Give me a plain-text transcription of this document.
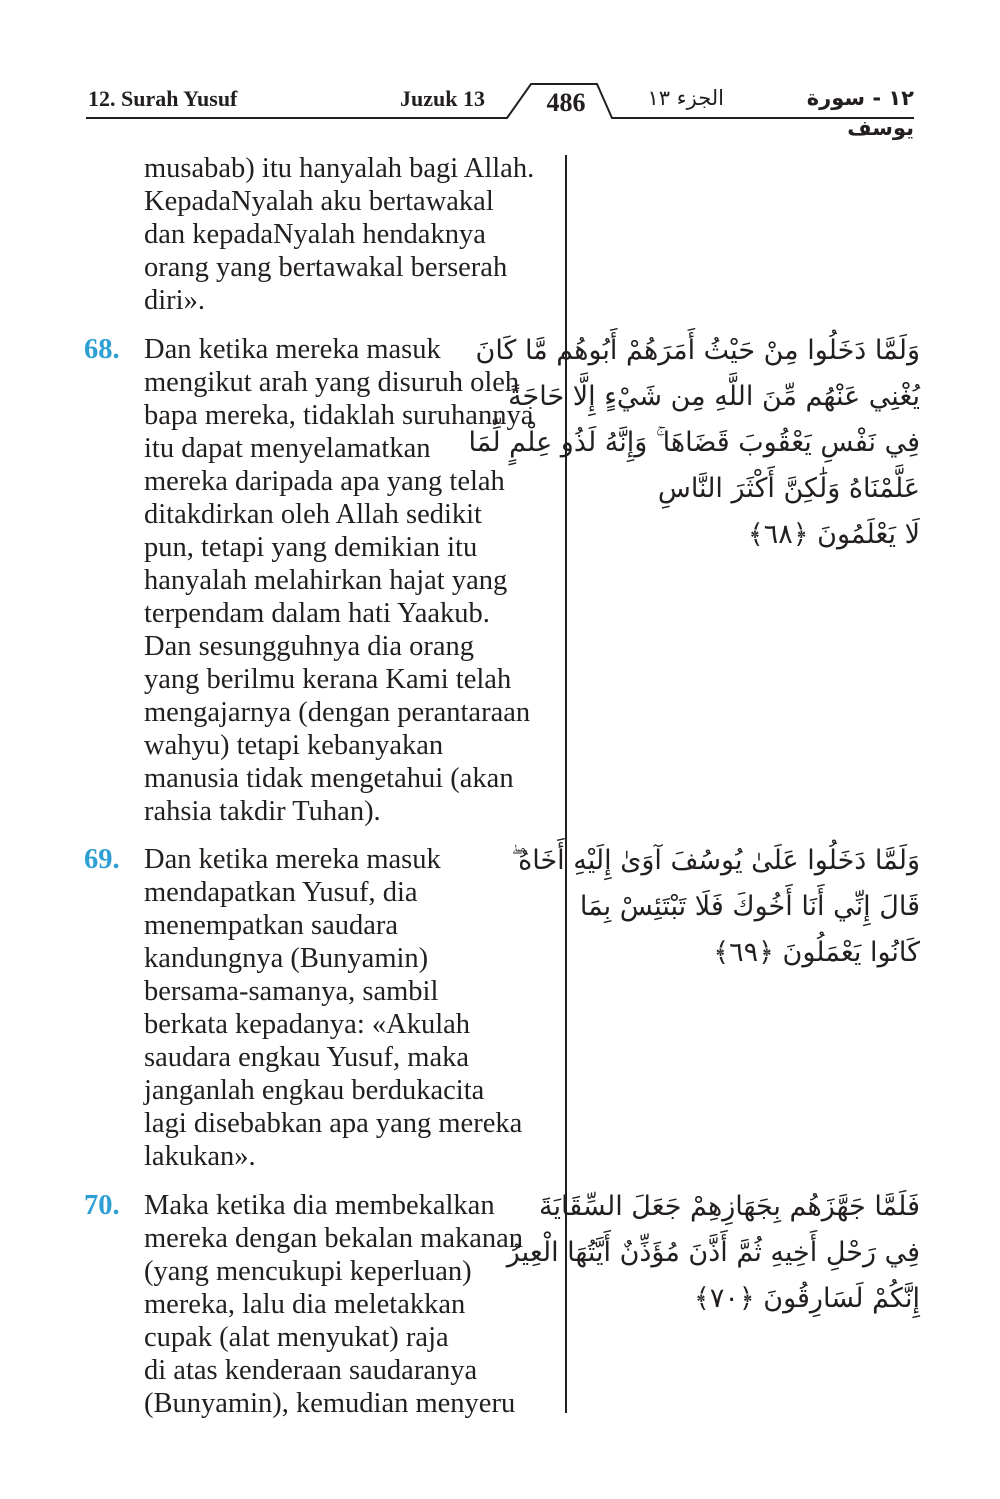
12. Surah Yusuf	Juzuk 13 486	الجزء ١٣	١٢ - سورة يوسف
musabab) itu hanyalah bagi Allah.
KepadaNyalah aku bertawakal
dan kepadaNyalah hendaknya
orang yang bertawakal berserah
diri».
68. Dan ketika mereka masuk
mengikut arah yang disuruh oleh
bapa mereka, tidaklah suruhannya
itu dapat menyelamatkan
mereka daripada apa yang telah
ditakdirkan oleh Allah sedikit
pun, tetapi yang demikian itu
hanyalah melahirkan hajat yang
terpendam dalam hati Yaakub.
Dan sesungguhnya dia orang
yang berilmu kerana Kami telah
mengajarnya (dengan perantaraan
wahyu) tetapi kebanyakan
manusia tidak mengetahui (akan
rahsia takdir Tuhan).
وَلَمَّا دَخَلُوا مِنْ حَيْثُ أَمَرَهُمْ أَبُوهُم مَّا كَانَ
يُغْنِي عَنْهُم مِّنَ اللَّهِ مِن شَيْءٍ إِلَّا حَاجَةً
فِي نَفْسِ يَعْقُوبَ قَضَاهَا ۚ وَإِنَّهُ لَذُو عِلْمٍ لِّمَا
عَلَّمْنَاهُ وَلَٰكِنَّ أَكْثَرَ النَّاسِ
لَا يَعْلَمُونَ ﴿٦٨﴾
69. Dan ketika mereka masuk
mendapatkan Yusuf, dia
menempatkan saudara
kandungnya (Bunyamin)
bersama-samanya, sambil
berkata kepadanya: «Akulah
saudara engkau Yusuf, maka
janganlah engkau berdukacita
lagi disebabkan apa yang mereka
lakukan».
وَلَمَّا دَخَلُوا عَلَىٰ يُوسُفَ آوَىٰ إِلَيْهِ أَخَاهُ ۖ
قَالَ إِنِّي أَنَا أَخُوكَ فَلَا تَبْتَئِسْ بِمَا
كَانُوا يَعْمَلُونَ ﴿٦٩﴾
70. Maka ketika dia membekalkan
mereka dengan bekalan makanan
(yang mencukupi keperluan)
mereka, lalu dia meletakkan
cupak (alat menyukat) raja
di atas kenderaan saudaranya
(Bunyamin), kemudian menyeru
فَلَمَّا جَهَّزَهُم بِجَهَازِهِمْ جَعَلَ السِّقَايَةَ
فِي رَحْلِ أَخِيهِ ثُمَّ أَذَّنَ مُؤَذِّنٌ أَيَّتُهَا الْعِيرُ
إِنَّكُمْ لَسَارِقُونَ ﴿٧٠﴾
